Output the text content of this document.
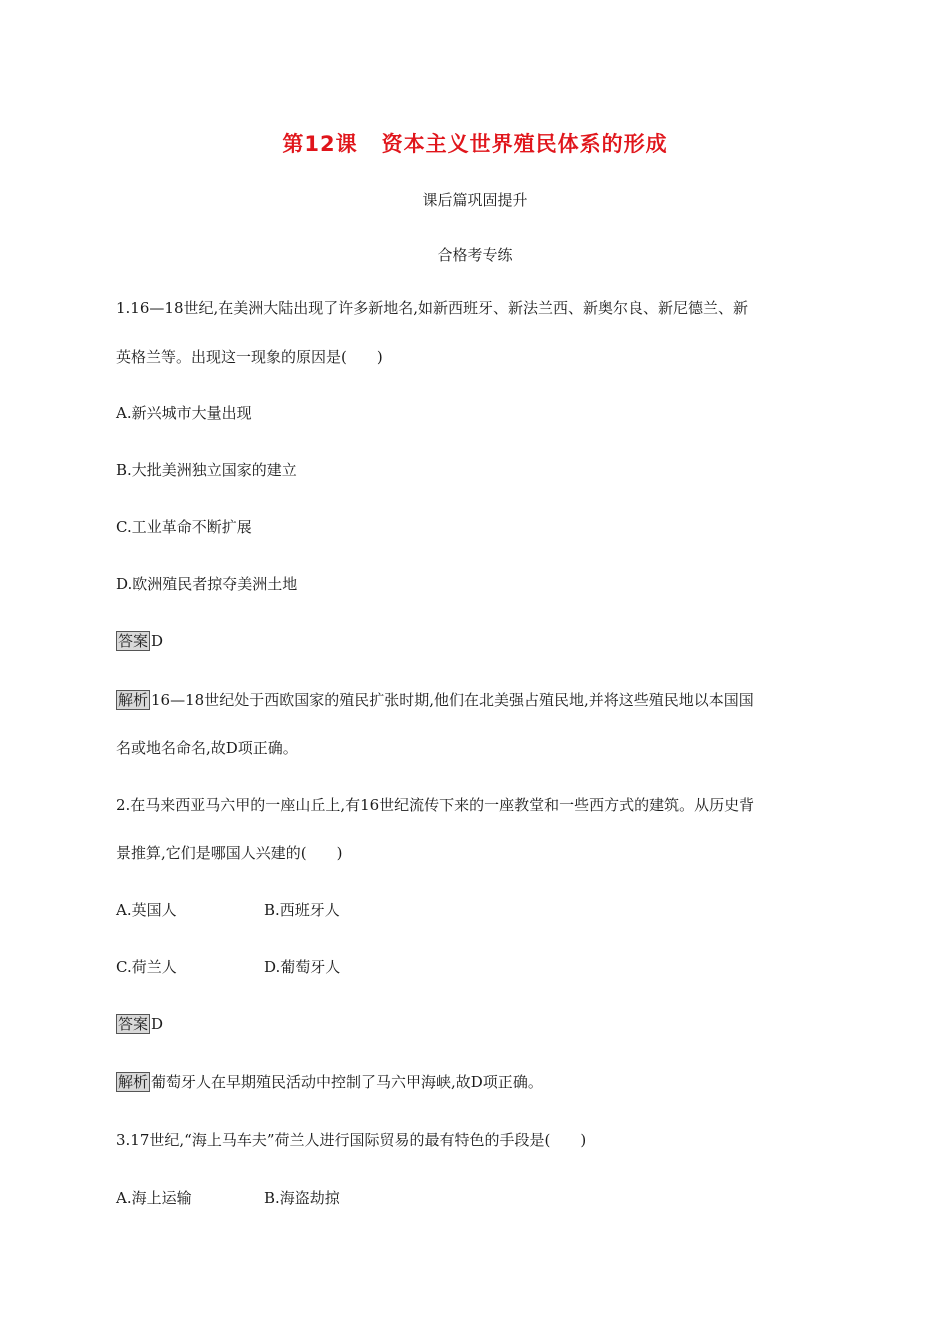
第12课 资本主义世界殖民体系的形成
课后篇巩固提升
合格考专练
1.16—18世纪,在美洲大陆出现了许多新地名,如新西班牙、新法兰西、新奥尔良、新尼德兰、新
英格兰等。出现这一现象的原因是( )
A.新兴城市大量出现
B.大批美洲独立国家的建立
C.工业革命不断扩展
D.欧洲殖民者掠夺美洲土地
答案 D
解析 16—18世纪处于西欧国家的殖民扩张时期,他们在北美强占殖民地,并将这些殖民地以本国国
名或地名命名,故D项正确。
2.在马来西亚马六甲的一座山丘上,有16世纪流传下来的一座教堂和一些西方式的建筑。从历史背
景推算,它们是哪国人兴建的( )
A.英国人	B.西班牙人
C.荷兰人	D.葡萄牙人
答案 D
解析 葡萄牙人在早期殖民活动中控制了马六甲海峡,故D项正确。
3.17世纪,“海上马车夫”荷兰人进行国际贸易的最有特色的手段是( )
A.海上运输	B.海盗劫掠
